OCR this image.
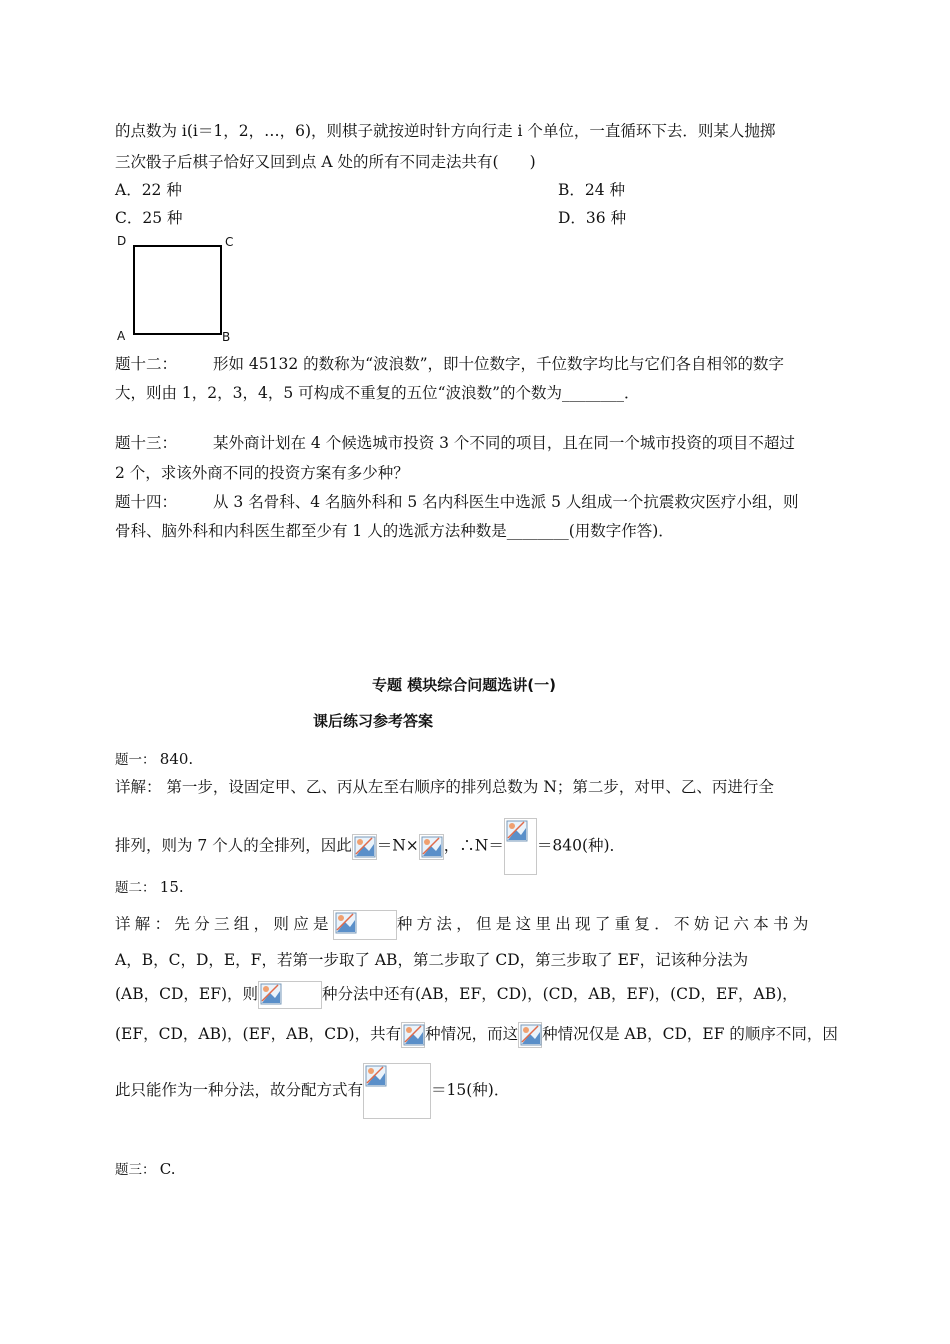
的点数为 i(i＝1，2，…，6)，则棋子就按逆时针方向行走 i 个单位，一直循环下去．则某人抛掷
三次骰子后棋子恰好又回到点 A 处的所有不同走法共有(　　)
A．22 种	B．24 种
C．25 种	D．36 种
D	C
A	B
题十二： 形如 45132 的数称为“波浪数”，即十位数字，千位数字均比与它们各自相邻的数字
大，则由 1，2，3，4，5 可构成不重复的五位“波浪数”的个数为________．
题十三： 某外商计划在 4 个候选城市投资 3 个不同的项目，且在同一个城市投资的项目不超过
2 个，求该外商不同的投资方案有多少种？
题十四： 从 3 名骨科、4 名脑外科和 5 名内科医生中选派 5 人组成一个抗震救灾医疗小组，则
骨科、脑外科和内科医生都至少有 1 人的选派方法种数是________(用数字作答)．
专题 模块综合问题选讲(一)
课后练习参考答案
题一： 840.
详解： 第一步，设固定甲、乙、丙从左至右顺序的排列总数为 N；第二步，对甲、乙、丙进行全
排列，则为 7 个人的全排列，因此 ＝N× ，∴N＝ ＝840(种)．
题二： 15.
详解：先分三组，则应是	种方法，但是这里出现了重复．不妨记六本书为
A，B，C，D，E，F，若第一步取了 AB，第二步取了 CD，第三步取了 EF，记该种分法为
(AB，CD，EF)，则	种分法中还有(AB，EF，CD)，(CD，AB，EF)，(CD，EF，AB)，
(EF，CD，AB)，(EF，AB，CD)，共有 种情况，而这 种情况仅是 AB，CD，EF 的顺序不同，因
此只能作为一种分法，故分配方式有	＝15(种)．
题三： C.
